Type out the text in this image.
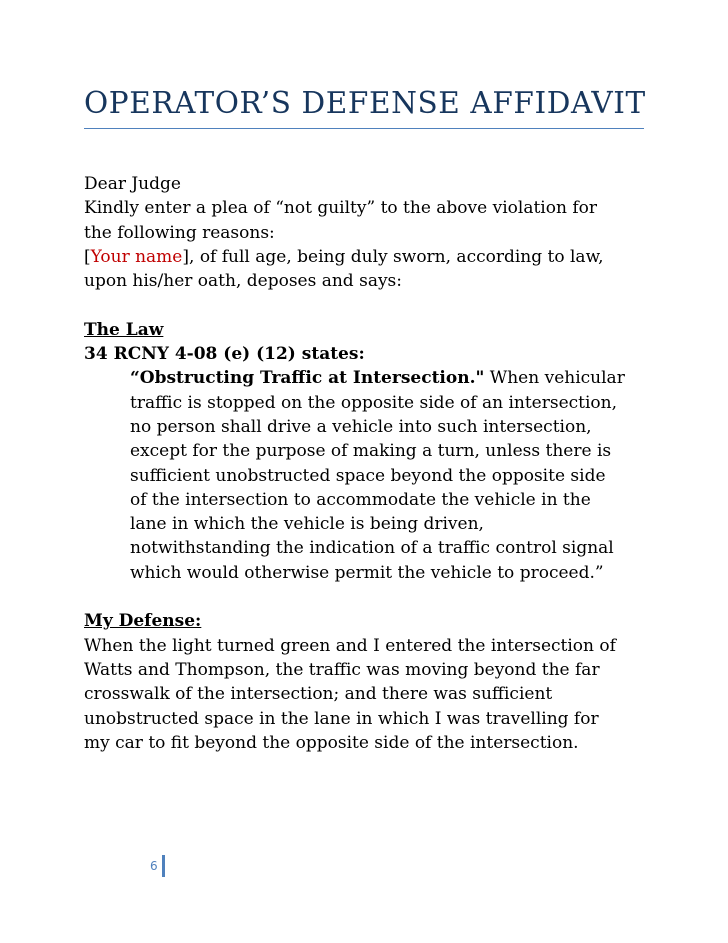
OPERATOR’S DEFENSE AFFIDAVIT
Dear Judge
Kindly enter a plea of “not guilty” to the above violation for
the following reasons:
[Your name], of full age, being duly sworn, according to law,
upon his/her oath, deposes and says:
The Law
34 RCNY 4-08 (e) (12) states:
“Obstructing Traffic at Intersection." When vehicular
traffic is stopped on the opposite side of an intersection,
no person shall drive a vehicle into such intersection,
except for the purpose of making a turn, unless there is
sufficient unobstructed space beyond the opposite side
of the intersection to accommodate the vehicle in the
lane in which the vehicle is being driven,
notwithstanding the indication of a traffic control signal
which would otherwise permit the vehicle to proceed.”
My Defense:
When the light turned green and I entered the intersection of
Watts and Thompson, the traffic was moving beyond the far
crosswalk of the intersection; and there was sufficient
unobstructed space in the lane in which I was travelling for
my car to fit beyond the opposite side of the intersection.
6
